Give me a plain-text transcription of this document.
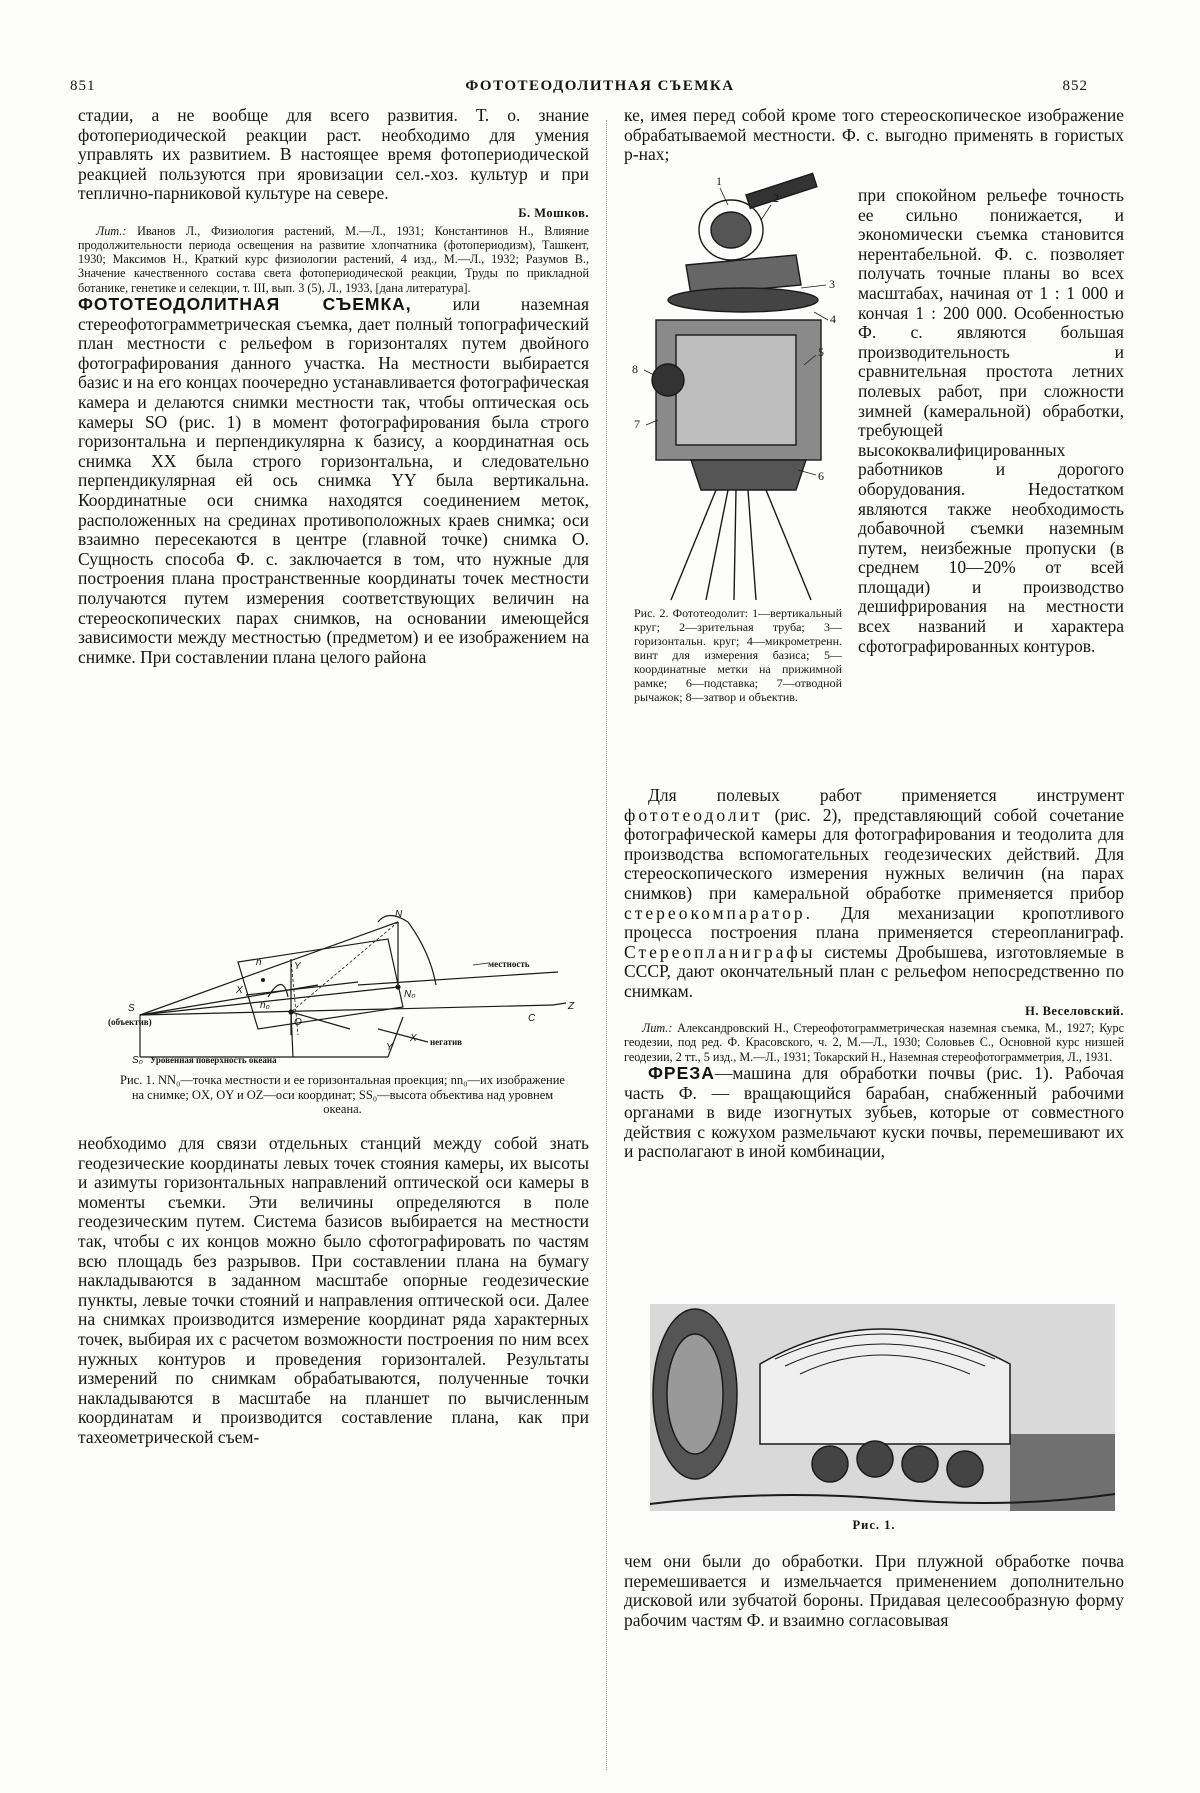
851	ФОТОТЕОДОЛИТНАЯ СЪЕМКА	852

стадии, а не вообще для всего развития. Т. о. знание фотопериодической реакции раст. необходимо для умения управлять их развитием. В настоящее время фотопериодической реакцией пользуются при яровизации сел.-хоз. культур и при теплично-парниковой культуре на севере.
Б. Мошков.

Лит.: Иванов Л., Физиология растений, М.—Л., 1931; Константинов Н., Влияние продолжительности периода освещения на развитие хлопчатника (фотопериодизм), Ташкент, 1930; Максимов Н., Краткий курс физиологии растений, 4 изд., М.—Л., 1932; Разумов В., Значение качественного состава света фотопериодической реакции, Труды по прикладной ботанике, генетике и селекции, т. III, вып. 3 (5), Л., 1933, [дана литература].

ФОТОТЕОДОЛИТНАЯ СЪЕМКА, или наземная стереофотограмметрическая съемка, дает полный топографический план местности с рельефом в горизонталях путем двойного фотографирования данного участка. На местности выбирается базис и на его концах поочередно устанавливается фотографическая камера и делаются снимки местности так, чтобы оптическая ось камеры SO (рис. 1) в момент фотографирования была строго горизонтальна и перпендикулярна к базису, а координатная ось снимка XX была строго горизонтальна, и следовательно перпендикулярная ей ось снимка YY была вертикальна. Координатные оси снимка находятся соединением меток, расположенных на срединах противоположных краев снимка; оси взаимно пересекаются в центре (главной точке) снимка O. Сущность способа Ф. с. заключается в том, что нужные для построения плана пространственные координаты точек местности получаются путем измерения соответствующих величин на стереоскопических парах снимков, на основании имеющейся зависимости между местностью (предметом) и ее изображением на снимке. При составлении плана целого района

N
n	Y
X
n₀
N₀
S
O	C
Z
X
Y
S₀
(объектив)
местность
негатив
Уровенная поверхность океана

Рис. 1. NN₀—точка местности и ее горизонтальная проекция; nn₀—их изображение на снимке; OX, OY и OZ—оси координат; SS₀—высота объектива над уровнем океана.

необходимо для связи отдельных станций между собой знать геодезические координаты левых точек стояния камеры, их высоты и азимуты горизонтальных направлений оптической оси камеры в моменты съемки. Эти величины определяются в поле геодезическим путем. Система базисов выбирается на местности так, чтобы с их концов можно было сфотографировать по частям всю площадь без разрывов. При составлении плана на бумагу накладываются в заданном масштабе опорные геодезические пункты, левые точки стояний и направления оптической оси. Далее на снимках производится измерение координат ряда характерных точек, выбирая их с расчетом возможности построения по ним всех нужных контуров и проведения горизонталей. Результаты измерений по снимкам обрабатываются, полученные точки накладываются в масштабе на планшет по вычисленным координатам и производится составление плана, как при тахеометрической съем-

ке, имея перед собой кроме того стереоскопическое изображение обрабатываемой местности. Ф. с. выгодно применять в гористых р-нах;

1
2
3
4
5
6
7
8

Рис. 2. Фототеодолит: 1—вертикальный круг; 2—зрительная труба; 3—горизонтальн. круг; 4—микрометренн. винт для измерения базиса; 5—координатные метки на прижимной рамке; 6—подставка; 7—отводной рычажок; 8—затвор и объектив.

при спокойном рельефе точность ее сильно понижается, и экономически съемка становится нерентабельной. Ф. с. позволяет получать точные планы во всех масштабах, начиная от 1 : 1 000 и кончая 1 : 200 000. Особенностью Ф. с. являются большая производительность и сравнительная простота летних полевых работ, при сложности зимней (камеральной) обработки, требующей высококвалифицированных работников и дорогого оборудования. Недостатком являются также необходимость добавочной съемки наземным путем, неизбежные пропуски (в среднем 10—20% от всей площади) и производство дешифрирования на местности всех названий и характера сфотографированных контуров.

Для полевых работ применяется инструмент фототеодолит (рис. 2), представляющий собой сочетание фотографической камеры для фотографирования и теодолита для производства вспомогательных геодезических действий. Для стереоскопического измерения нужных величин (на парах снимков) при камеральной обработке применяется прибор стереокомпаратор. Для механизации кропотливого процесса построения плана применяется стереопланиграф. Стереопланиграфы системы Дробышева, изготовляемые в СССР, дают окончательный план с рельефом непосредственно по снимкам.
Н. Веселовский.

Лит.: Александровский Н., Стереофотограмметрическая наземная съемка, М., 1927; Курс геодезии, под ред. Ф. Красовского, ч. 2, М.—Л., 1930; Соловьев С., Основной курс низшей геодезии, 2 тт., 5 изд., М.—Л., 1931; Токарский Н., Наземная стереофотограмметрия, Л., 1931.

ФРЕЗА—машина для обработки почвы (рис. 1). Рабочая часть Ф. — вращающийся барабан, снабженный рабочими органами в виде изогнутых зубьев, которые от совместного действия с кожухом размельчают куски почвы, перемешивают их и располагают в иной комбинации,

Рис. 1.

чем они были до обработки. При плужной обработке почва перемешивается и измельчается применением дополнительно дисковой или зубчатой бороны. Придавая целесообразную форму рабочим частям Ф. и взаимно согласовывая
